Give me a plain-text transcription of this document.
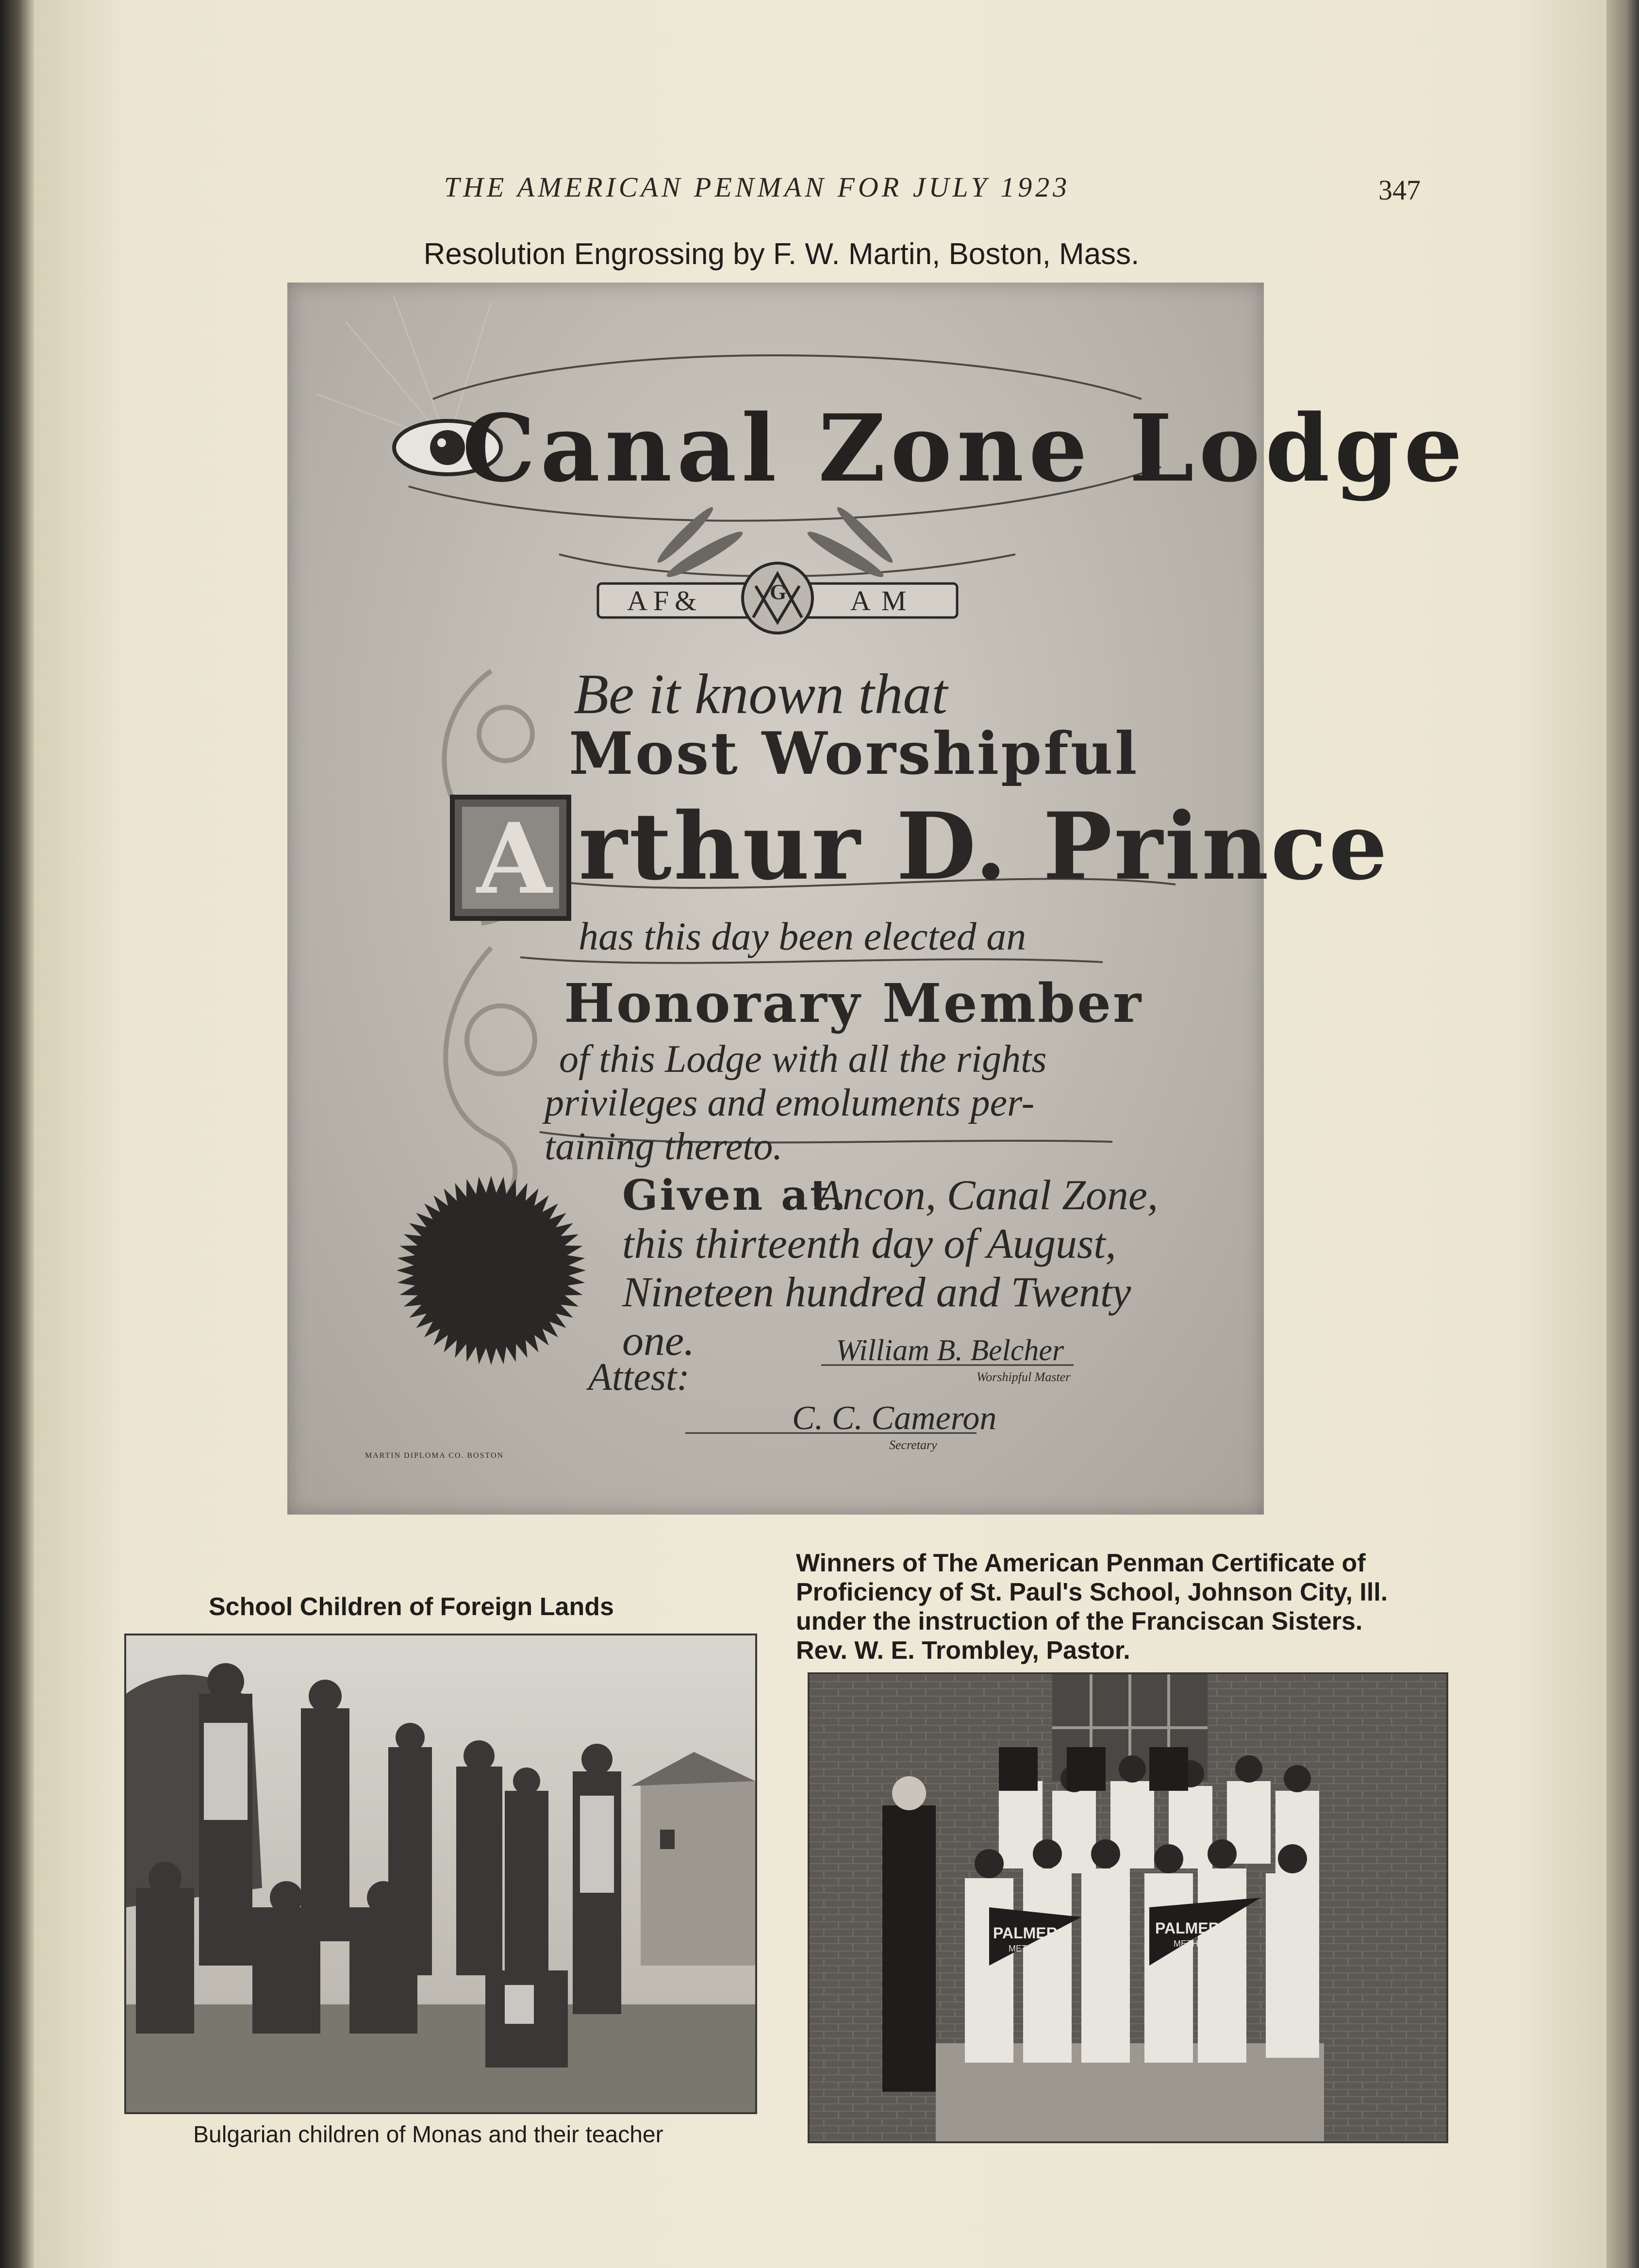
THE AMERICAN PENMAN FOR JULY 1923	347
Resolution Engrossing by F. W. Martin, Boston, Mass.
Canal Zone Lodge
AF&	G AM
Be it known that
Most Worshipful
A rthur D. Prince
has this day been elected an
Honorary Member
of this Lodge with all the rights
privileges and emoluments per-
taining thereto.
Given at.
Ancon, Canal Zone,
this thirteenth day of August,
Nineteen hundred and Twenty
one.
Attest:
William B. Belcher
Worshipful Master
C. C. Cameron
Secretary
MARTIN DIPLOMA CO. BOSTON
School Children of Foreign Lands
Bulgarian children of Monas and their teacher
Winners of The American Penman Certificate of
Proficiency of St. Paul's School, Johnson City, Ill.
under the instruction of the Franciscan Sisters.
Rev. W. E. Trombley, Pastor.
PALMER
METHOD
PALMER
METHOD
